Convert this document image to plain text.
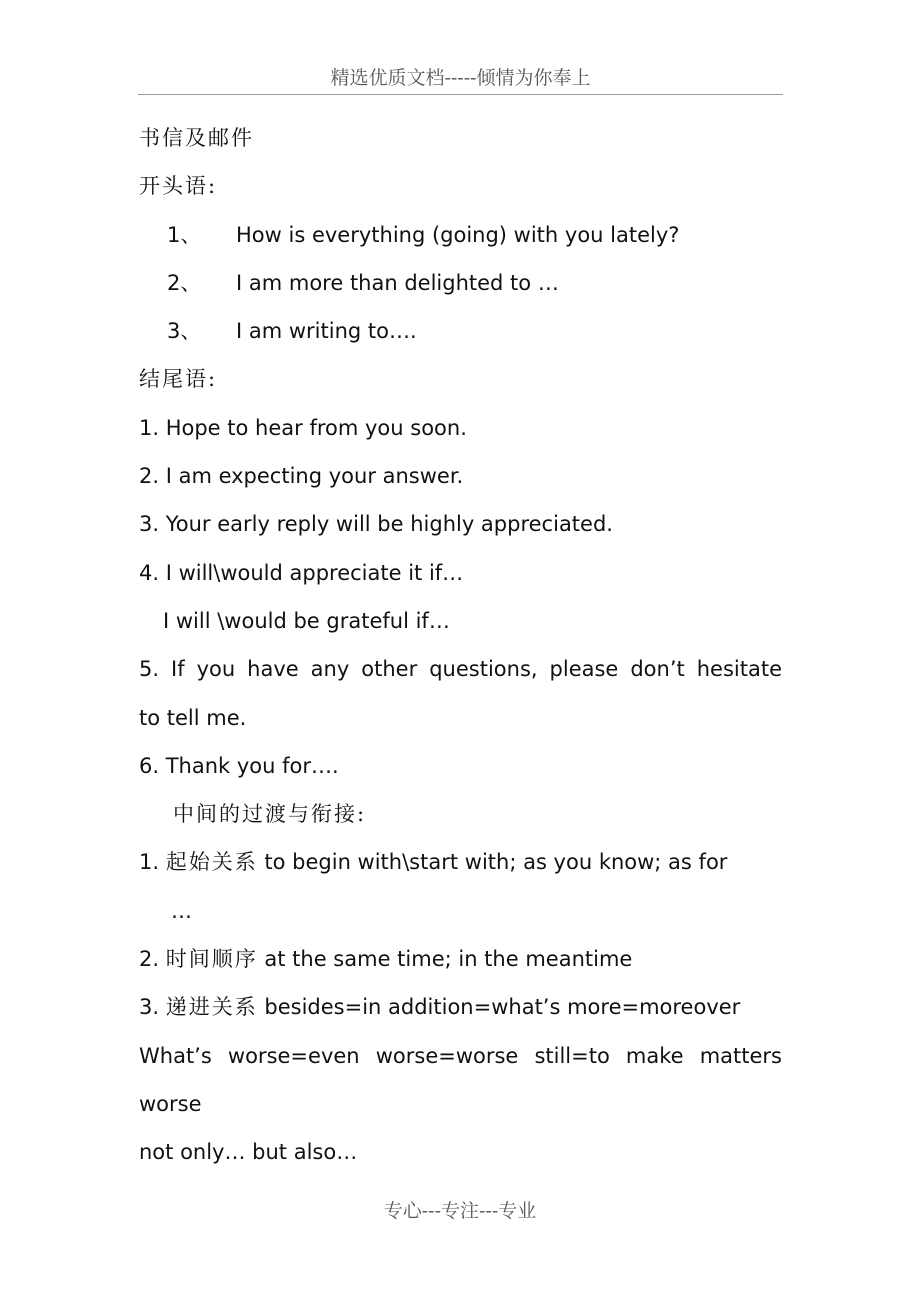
精选优质文档-----倾情为你奉上
书信及邮件
开头语:
1、 How is everything (going) with you lately?
2、 I am more than delighted to …
3、 I am writing to….
结尾语:
1. Hope to hear from you soon.
2. I am expecting your answer.
3. Your early reply will be highly appreciated.
4. I will\would appreciate it if…
I will \would be grateful if…
5. If you have any other questions, please don’t hesitate
to tell me.
6. Thank you for….
中间的过渡与衔接:
1. 起始关系 to begin with\start with; as you know; as for
…
2. 时间顺序 at the same time; in the meantime
3. 递进关系 besides=in addition=what’s more=moreover
What’s worse=even worse=worse still=to make matters
worse
not only… but also…
专心---专注---专业
